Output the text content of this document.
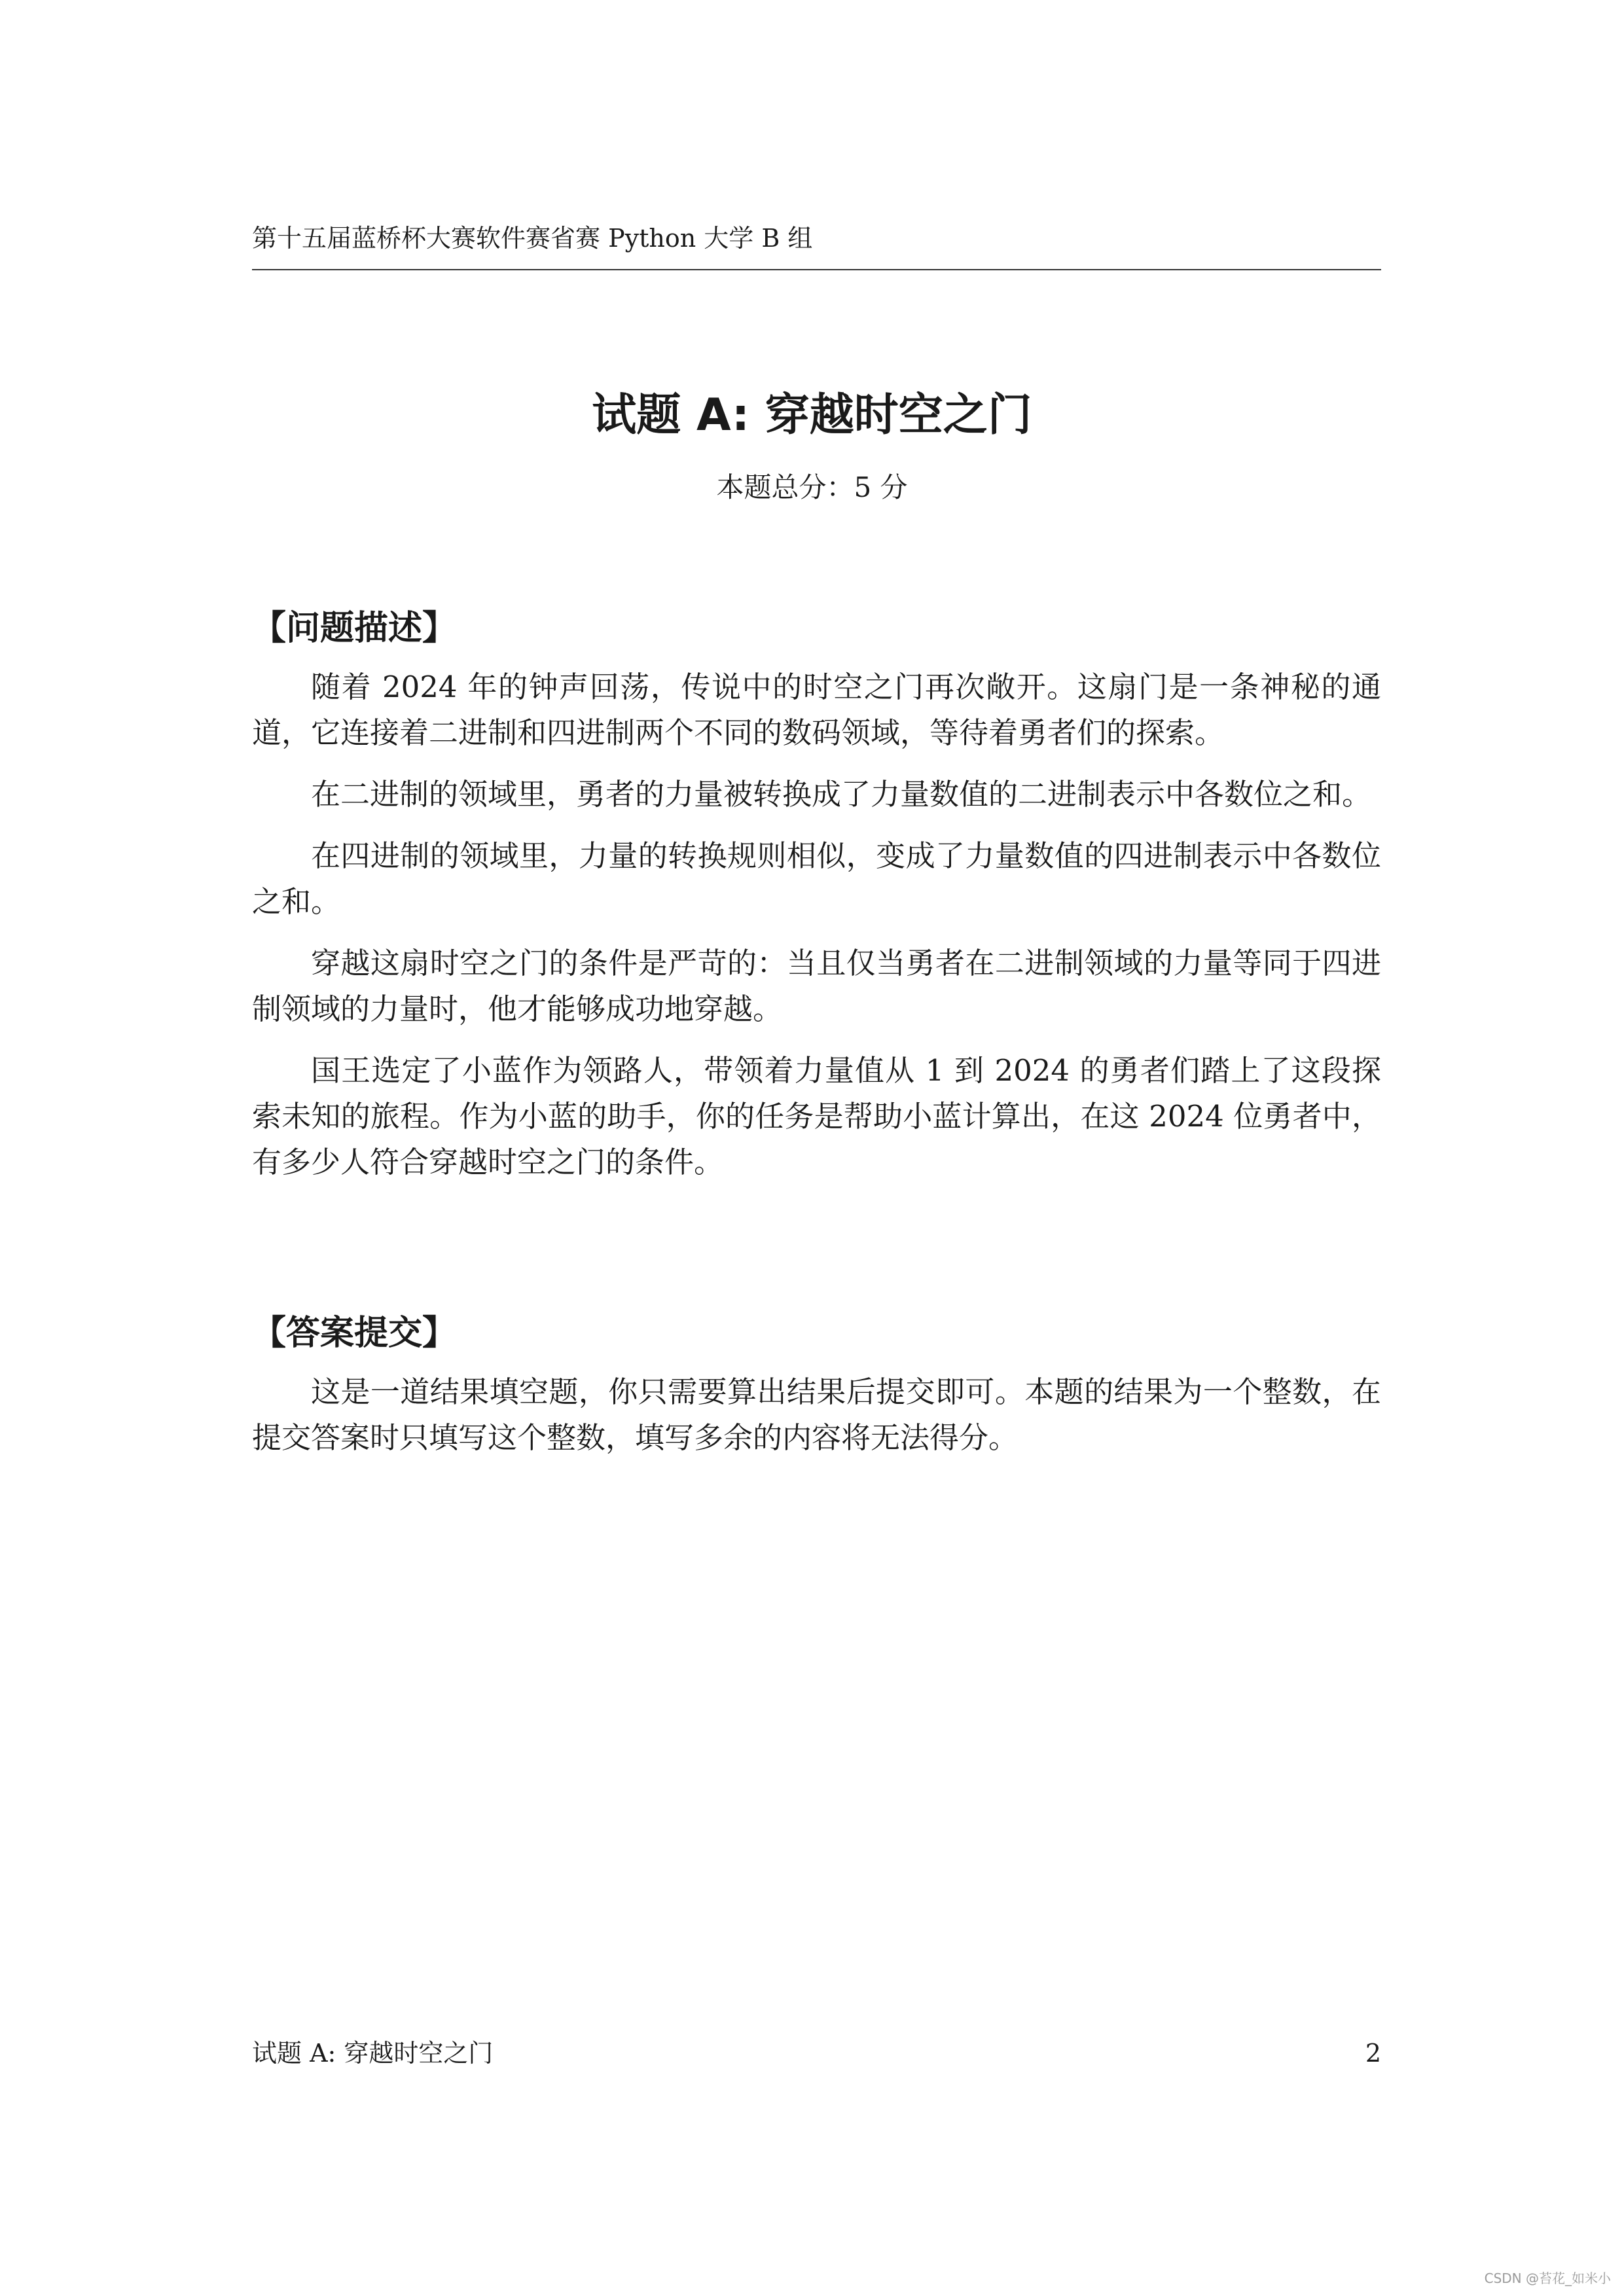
第十五届蓝桥杯大赛软件赛省赛 Python 大学 B 组
试题 A: 穿越时空之门
本题总分：5 分
【问题描述】

随着 2024 年的钟声回荡，传说中的时空之门再次敞开。这扇门是一条神秘的通道，它连接着二进制和四进制两个不同的数码领域，等待着勇者们的探索。

在二进制的领域里，勇者的力量被转换成了力量数值的二进制表示中各数位之和。

在四进制的领域里，力量的转换规则相似，变成了力量数值的四进制表示中各数位之和。

穿越这扇时空之门的条件是严苛的：当且仅当勇者在二进制领域的力量等同于四进制领域的力量时，他才能够成功地穿越。

国王选定了小蓝作为领路人，带领着力量值从 1 到 2024 的勇者们踏上了这段探索未知的旅程。作为小蓝的助手，你的任务是帮助小蓝计算出，在这 2024 位勇者中，有多少人符合穿越时空之门的条件。

【答案提交】

这是一道结果填空题，你只需要算出结果后提交即可。本题的结果为一个整数，在提交答案时只填写这个整数，填写多余的内容将无法得分。

试题 A: 穿越时空之门	2
CSDN @苔花_如米小
